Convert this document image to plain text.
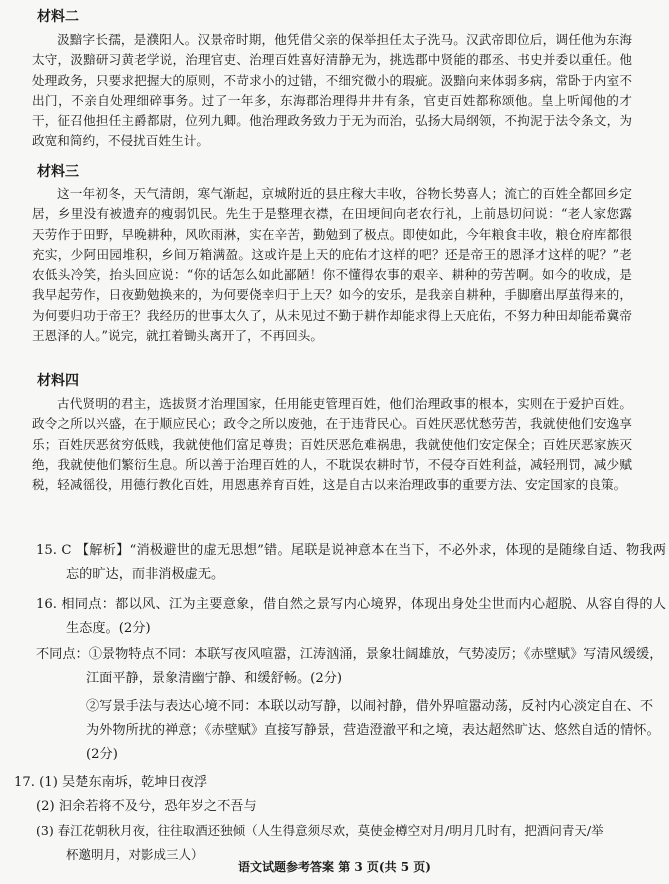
材料二
汲黯字长孺，是濮阳人。汉景帝时期，他凭借父亲的保举担任太子洗马。汉武帝即位后，调任他为东海太守，汲黯研习黄老学说，治理官吏、治理百姓喜好清静无为，挑选郡中贤能的郡丞、书史并委以重任。他处理政务，只要求把握大的原则，不苛求小的过错，不细究微小的瑕疵。汲黯向来体弱多病，常卧于内室不出门，不亲自处理细碎事务。过了一年多，东海郡治理得井井有条，官吏百姓都称颂他。皇上听闻他的才干，征召他担任主爵都尉，位列九卿。他治理政务致力于无为而治，弘扬大局纲领，不拘泥于法令条文，为政宽和简约，不侵扰百姓生计。
材料三
这一年初冬，天气清朗，寒气渐起，京城附近的县庄稼大丰收，谷物长势喜人；流亡的百姓全都回乡定居，乡里没有被遗弃的瘦弱饥民。先生于是整理衣襟，在田埂间向老农行礼，上前恳切问说：“老人家您露天劳作于田野，早晚耕种，风吹雨淋，实在辛苦，勤勉到了极点。即使如此，今年粮食丰收，粮仓府库都很充实，少阿田园堆积，乡间万箱满盈。这或许是上天的庇佑才这样的吧？还是帝王的恩泽才这样的呢？”老农低头冷笑，抬头回应说：“你的话怎么如此鄙陋！你不懂得农事的艰辛、耕种的劳苦啊。如今的收成，是我早起劳作，日夜勤勉换来的，为何要侥幸归于上天？如今的安乐，是我亲自耕种，手脚磨出厚茧得来的，为何要归功于帝王？我经历的世事太久了，从未见过不勤于耕作却能求得上天庇佑，不努力种田却能希冀帝王恩泽的人。”说完，就扛着锄头离开了，不再回头。
材料四
古代贤明的君主，选拔贤才治理国家，任用能吏管理百姓，他们治理政事的根本，实则在于爱护百姓。政令之所以兴盛，在于顺应民心；政令之所以废弛，在于违背民心。百姓厌恶忧愁劳苦，我就使他们安逸享乐；百姓厌恶贫穷低贱，我就使他们富足尊贵；百姓厌恶危难祸患，我就使他们安定保全；百姓厌恶家族灭绝，我就使他们繁衍生息。所以善于治理百姓的人，不耽误农耕时节，不侵夺百姓利益，减轻刑罚，减少赋税，轻减徭役，用德行教化百姓，用恩惠养育百姓，这是自古以来治理政事的重要方法、安定国家的良策。
15. C 【解析】“消极避世的虚无思想”错。尾联是说神意本在当下，不必外求，体现的是随缘自适、物我两忘的旷达，而非消极虚无。
16. 相同点：都以风、江为主要意象，借自然之景写内心境界，体现出身处尘世而内心超脱、从容自得的人生态度。(2分)
不同点：①景物特点不同：本联写夜风喧嚣，江涛汹涌，景象壮阔雄放，气势凌厉；《赤壁赋》写清风缓缓，
江面平静，景象清幽宁静、和缓舒畅。(2分)
②写景手法与表达心境不同：本联以动写静，以闹衬静，借外界喧嚣动荡，反衬内心淡定自在、不
为外物所扰的禅意；《赤壁赋》直接写静景，营造澄澈平和之境，表达超然旷达、悠然自适的情怀。
(2分)
17. (1) 吴楚东南坼，乾坤日夜浮
(2) 汩余若将不及兮，恐年岁之不吾与
(3) 春江花朝秋月夜，往往取酒还独倾（人生得意须尽欢，莫使金樽空对月/明月几时有，把酒问青天/举
杯邀明月，对影成三人）
语文试题参考答案 第 3 页(共 5 页)
